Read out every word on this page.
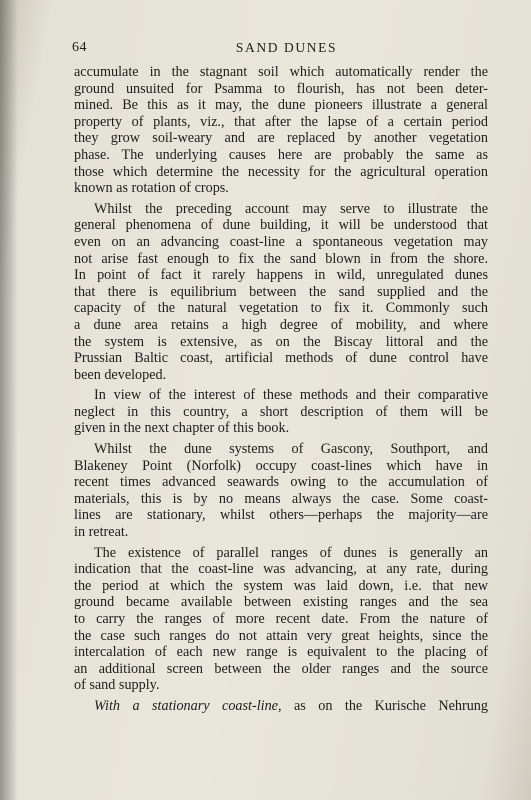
64	SAND DUNES
accumulate in the stagnant soil which automatically render the
ground unsuited for Psamma to flourish, has not been deter-
mined. Be this as it may, the dune pioneers illustrate a general
property of plants, viz., that after the lapse of a certain period
they grow soil-weary and are replaced by another vegetation
phase. The underlying causes here are probably the same as
those which determine the necessity for the agricultural operation
known as rotation of crops.
Whilst the preceding account may serve to illustrate the
general phenomena of dune building, it will be understood that
even on an advancing coast-line a spontaneous vegetation may
not arise fast enough to fix the sand blown in from the shore.
In point of fact it rarely happens in wild, unregulated dunes
that there is equilibrium between the sand supplied and the
capacity of the natural vegetation to fix it. Commonly such
a dune area retains a high degree of mobility, and where
the system is extensive, as on the Biscay littoral and the
Prussian Baltic coast, artificial methods of dune control have
been developed.
In view of the interest of these methods and their comparative
neglect in this country, a short description of them will be
given in the next chapter of this book.
Whilst the dune systems of Gascony, Southport, and
Blakeney Point (Norfolk) occupy coast-lines which have in
recent times advanced seawards owing to the accumulation of
materials, this is by no means always the case. Some coast-
lines are stationary, whilst others—perhaps the majority—are
in retreat.
The existence of parallel ranges of dunes is generally an
indication that the coast-line was advancing, at any rate, during
the period at which the system was laid down, i.e. that new
ground became available between existing ranges and the sea
to carry the ranges of more recent date. From the nature of
the case such ranges do not attain very great heights, since the
intercalation of each new range is equivalent to the placing of
an additional screen between the older ranges and the source
of sand supply.
With a stationary coast-line, as on the Kurische Nehrung
